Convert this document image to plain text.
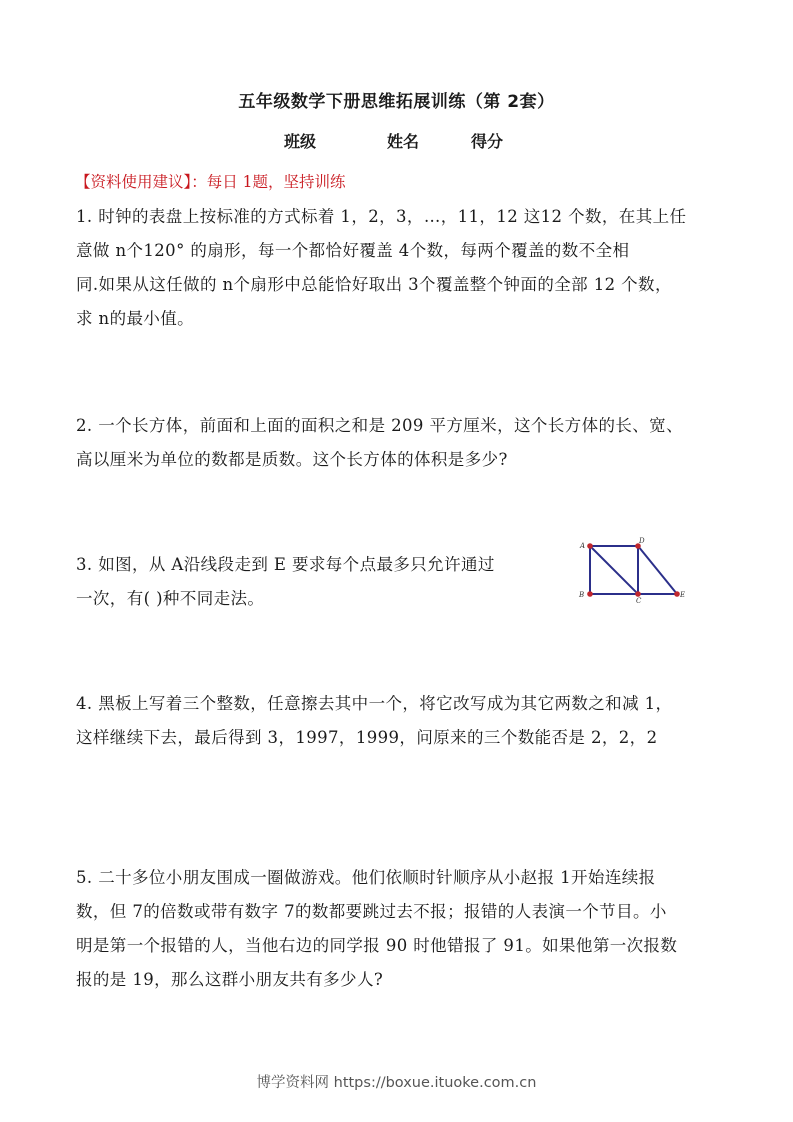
五年级数学下册思维拓展训练（第 2套）
班级	姓名	得分
【资料使用建议】：每日 1题，坚持训练
1. 时钟的表盘上按标准的方式标着 1，2，3，…，11，12 这12 个数，在其上任
意做 n个120° 的扇形，每一个都恰好覆盖 4个数，每两个覆盖的数不全相
同.如果从这任做的 n个扇形中总能恰好取出 3个覆盖整个钟面的全部 12 个数，
求 n的最小值。
2. 一个长方体，前面和上面的面积之和是 209 平方厘米，这个长方体的长、宽、
高以厘米为单位的数都是质数。这个长方体的体积是多少?
3. 如图，从 A沿线段走到 E 要求每个点最多只允许通过
一次，有( )种不同走法。
A
D
B
C
E
4. 黑板上写着三个整数，任意擦去其中一个，将它改写成为其它两数之和减 1，
这样继续下去，最后得到 3，1997，1999，问原来的三个数能否是 2，2，2
5. 二十多位小朋友围成一圈做游戏。他们依顺时针顺序从小赵报 1开始连续报
数，但 7的倍数或带有数字 7的数都要跳过去不报；报错的人表演一个节目。小
明是第一个报错的人，当他右边的同学报 90 时他错报了 91。如果他第一次报数
报的是 19，那么这群小朋友共有多少人?
博学资料网 https://boxue.ituoke.com.cn
